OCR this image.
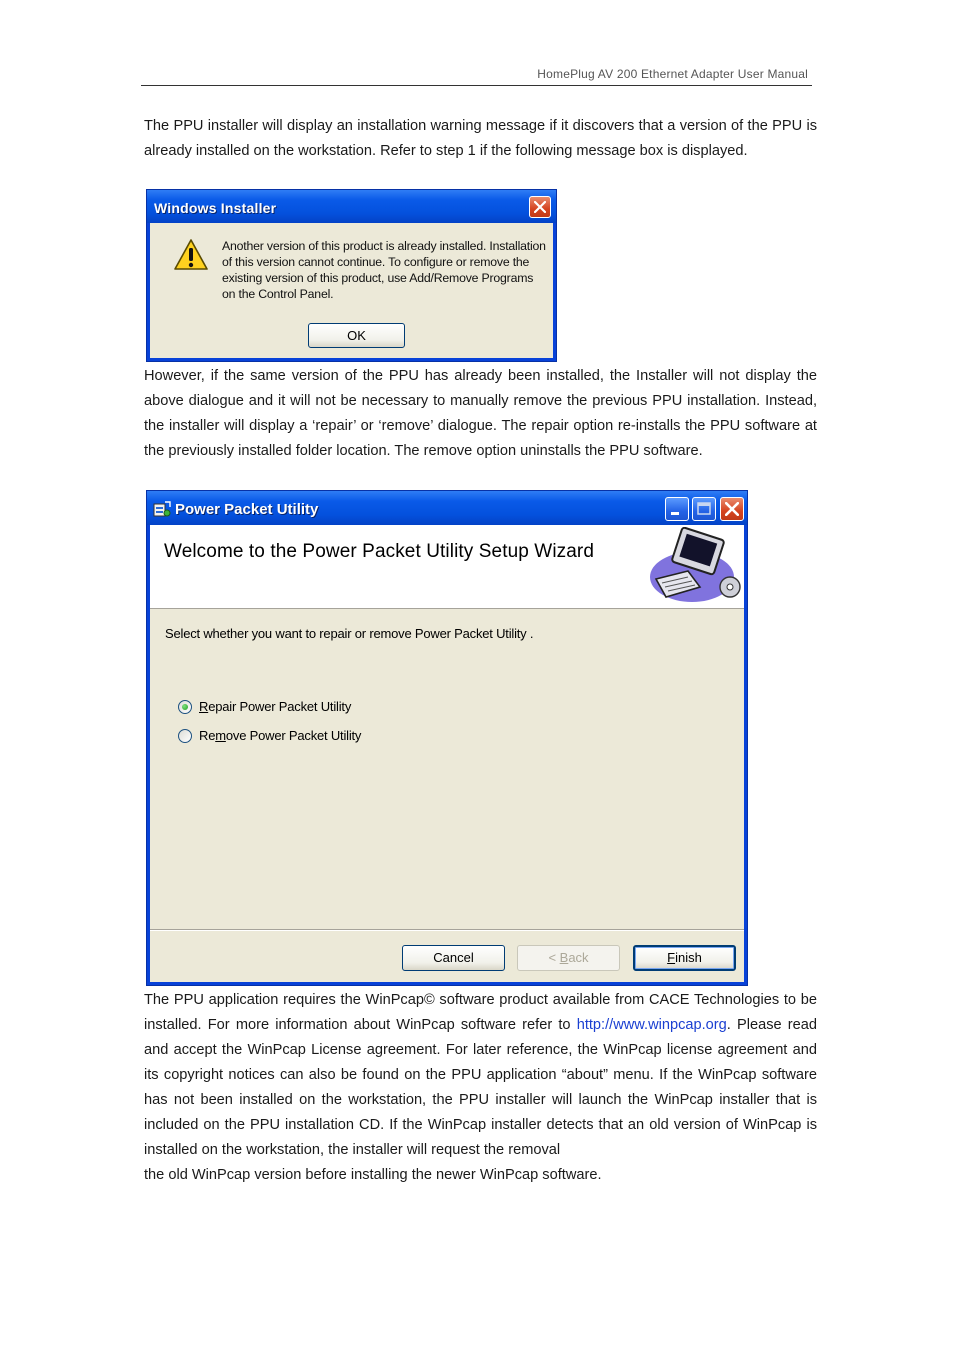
HomePlug AV 200 Ethernet Adapter User Manual

The PPU installer will display an installation warning message if it discovers that a version of the PPU is already installed on the workstation. Refer to step 1 if the following message box is displayed.

Windows Installer

Another version of this product is already installed. Installation of this version cannot continue. To configure or remove the existing version of this product, use Add/Remove Programs on the Control Panel.

OK

However, if the same version of the PPU has already been installed, the Installer will not display the above dialogue and it will not be necessary to manually remove the previous PPU installation. Instead, the installer will display a ‘repair’ or ‘remove’ dialogue. The repair option re-installs the PPU software at the previously installed folder location. The remove option uninstalls the PPU software.

Power Packet Utility
Welcome to the Power Packet Utility Setup Wizard
Select whether you want to repair or remove Power Packet Utility .
Repair Power Packet Utility
Remove Power Packet Utility
Cancel	< Back	Finish

The PPU application requires the WinPcap© software product available from CACE Technologies to be installed. For more information about WinPcap software refer to http://www.winpcap.org. Please read and accept the WinPcap License agreement. For later reference, the WinPcap license agreement and its copyright notices can also be found on the PPU application “about” menu. If the WinPcap software has not been installed on the workstation, the PPU installer will launch the WinPcap installer that is included on the PPU installation CD. If the WinPcap installer detects that an old version of WinPcap is installed on the workstation, the installer will request the removal

the old WinPcap version before installing the newer WinPcap software.
